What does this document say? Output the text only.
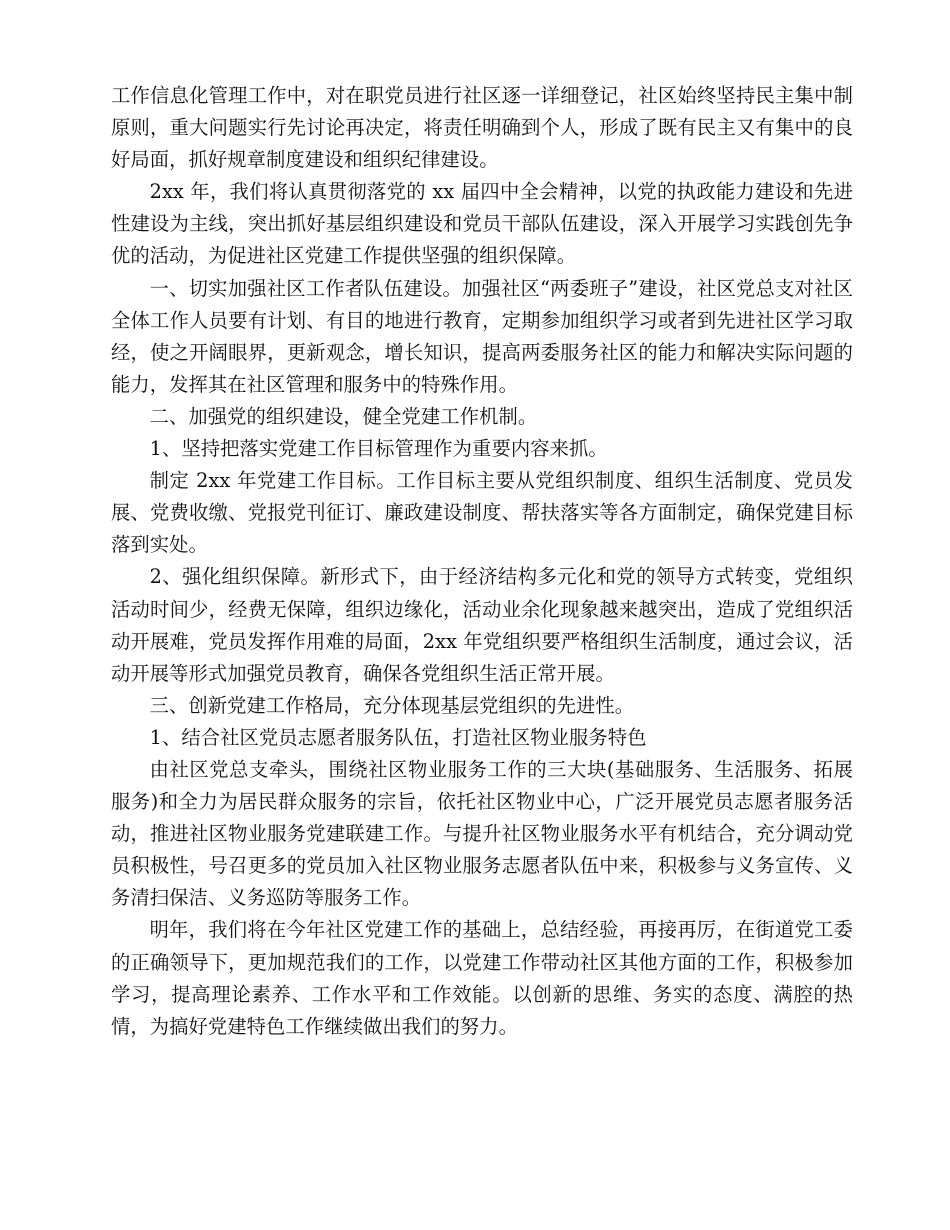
工作信息化管理工作中，对在职党员进行社区逐一详细登记，社区始终坚持民主集中制原则，重大问题实行先讨论再决定，将责任明确到个人，形成了既有民主又有集中的良好局面，抓好规章制度建设和组织纪律建设。

2xx 年，我们将认真贯彻落党的 xx 届四中全会精神，以党的执政能力建设和先进性建设为主线，突出抓好基层组织建设和党员干部队伍建设，深入开展学习实践创先争优的活动，为促进社区党建工作提供坚强的组织保障。

一、切实加强社区工作者队伍建设。加强社区“两委班子”建设，社区党总支对社区全体工作人员要有计划、有目的地进行教育，定期参加组织学习或者到先进社区学习取经，使之开阔眼界，更新观念，增长知识，提高两委服务社区的能力和解决实际问题的能力，发挥其在社区管理和服务中的特殊作用。

二、加强党的组织建设，健全党建工作机制。

1、坚持把落实党建工作目标管理作为重要内容来抓。

制定 2xx 年党建工作目标。工作目标主要从党组织制度、组织生活制度、党员发展、党费收缴、党报党刊征订、廉政建设制度、帮扶落实等各方面制定，确保党建目标落到实处。

2、强化组织保障。新形式下，由于经济结构多元化和党的领导方式转变，党组织活动时间少，经费无保障，组织边缘化，活动业余化现象越来越突出，造成了党组织活动开展难，党员发挥作用难的局面，2xx 年党组织要严格组织生活制度，通过会议，活动开展等形式加强党员教育，确保各党组织生活正常开展。

三、创新党建工作格局，充分体现基层党组织的先进性。

1、结合社区党员志愿者服务队伍，打造社区物业服务特色

由社区党总支牵头，围绕社区物业服务工作的三大块(基础服务、生活服务、拓展服务)和全力为居民群众服务的宗旨，依托社区物业中心，广泛开展党员志愿者服务活动，推进社区物业服务党建联建工作。与提升社区物业服务水平有机结合，充分调动党员积极性，号召更多的党员加入社区物业服务志愿者队伍中来，积极参与义务宣传、义务清扫保洁、义务巡防等服务工作。

明年，我们将在今年社区党建工作的基础上，总结经验，再接再厉，在街道党工委的正确领导下，更加规范我们的工作，以党建工作带动社区其他方面的工作，积极参加学习，提高理论素养、工作水平和工作效能。以创新的思维、务实的态度、满腔的热情，为搞好党建特色工作继续做出我们的努力。
